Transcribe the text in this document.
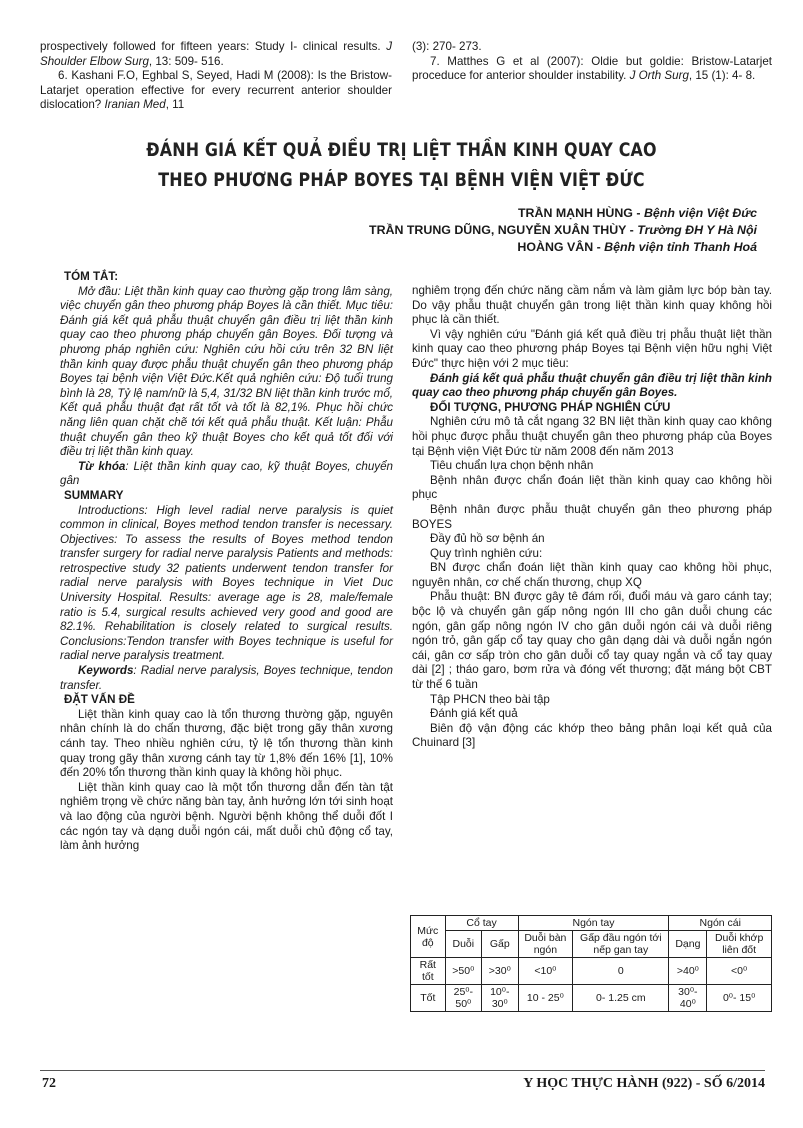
prospectively followed for fifteen years: Study I- clinical results. J Shoulder Elbow Surg, 13: 509- 516.

6. Kashani F.O, Eghbal S, Seyed, Hadi M (2008): Is the Bristow- Latarjet operation effective for every recurrent anterior shoulder dislocation? Iranian Med, 11

(3): 270- 273.

7. Matthes G et al (2007): Oldie but goldie: Bristow-Latarjet proceduce for anterior shoulder instability. J Orth Surg, 15 (1): 4- 8.

ĐÁNH GIÁ KẾT QUẢ ĐIỀU TRỊ LIỆT THẦN KINH QUAY CAO
THEO PHƯƠNG PHÁP BOYES TẠI BỆNH VIỆN VIỆT ĐỨC
TRẦN MẠNH HÙNG - Bệnh viện Việt Đức
TRẦN TRUNG DŨNG, NGUYỄN XUÂN THÙY - Trường ĐH Y Hà Nội
HOÀNG VÂN - Bệnh viện tỉnh Thanh Hoá

TÓM TẮT:

Mở đầu: Liệt thần kinh quay cao thường gặp trong lâm sàng, việc chuyển gân theo phương pháp Boyes là cần thiết. Mục tiêu: Đánh giá kết quả phẫu thuật chuyển gân điều trị liệt thần kinh quay cao theo phương pháp chuyển gân Boyes. Đối tượng và phương pháp nghiên cứu: Nghiên cứu hồi cứu trên 32 BN liệt thần kinh quay được phẫu thuật chuyển gân theo phương pháp Boyes tại bệnh viện Việt Đức.Kết quả nghiên cứu: Độ tuổi trung bình là 28, Tỷ lệ nam/nữ là 5,4, 31/32 BN liệt thần kinh trước mổ, Kết quả phẫu thuật đạt rất tốt và tốt là 82,1%. Phục hồi chức năng liên quan chặt chẽ tới kết quả phẫu thuật. Kết luận: Phẫu thuật chuyển gân theo kỹ thuật Boyes cho kết quả tốt đối với điều trị liệt thần kinh quay.

Từ khóa: Liệt thần kinh quay cao, kỹ thuật Boyes, chuyển gân

SUMMARY

Introductions: High level radial nerve paralysis is quiet common in clinical, Boyes method tendon transfer is necessary. Objectives: To assess the results of Boyes method tendon transfer surgery for radial nerve paralysis Patients and methods: retrospective study 32 patients underwent tendon transfer for radial nerve paralysis with Boyes technique in Viet Duc University Hospital. Results: average age is 28, male/female ratio is 5.4, surgical results achieved very good and good are 82.1%. Rehabilitation is closely related to surgical results. Conclusions:Tendon transfer with Boyes technique is useful for radial nerve paralysis treatment.

Keywords: Radial nerve paralysis, Boyes technique, tendon transfer.

ĐẶT VẤN ĐỀ

Liệt thần kinh quay cao là tổn thương thường gặp, nguyên nhân chính là do chấn thương, đặc biệt trong gãy thân xương cánh tay. Theo nhiều nghiên cứu, tỷ lệ tổn thương thần kinh quay trong gãy thân xương cánh tay từ 1,8% đến 16% [1], 10% đến 20% tổn thương thần kinh quay là không hồi phục.

Liệt thần kinh quay cao là một tổn thương dẫn đến tàn tật nghiêm trọng về chức năng bàn tay, ảnh hưởng lớn tới sinh hoạt và lao động của người bệnh. Người bệnh không thể duỗi đốt I các ngón tay và dạng duỗi ngón cái, mất duỗi chủ động cổ tay, làm ảnh hưởng

nghiêm trọng đến chức năng cầm nắm và làm giảm lực bóp bàn tay. Do vậy phẫu thuật chuyển gân trong liệt thần kinh quay không hồi phục là cần thiết.

Vì vậy nghiên cứu "Đánh giá kết quả điều trị phẫu thuật liệt thần kinh quay cao theo phương pháp Boyes tại Bệnh viện hữu nghị Việt Đức" thực hiện với 2 mục tiêu:

Đánh giá kết quả phẫu thuật chuyển gân điều trị liệt thần kinh quay cao theo phương pháp chuyển gân Boyes.

ĐỐI TƯỢNG, PHƯƠNG PHÁP NGHIÊN CỨU

Nghiên cứu mô tả cắt ngang 32 BN liệt thần kinh quay cao không hồi phục được phẫu thuật chuyển gân theo phương pháp của Boyes tại Bệnh viện Việt Đức từ năm 2008 đến năm 2013

Tiêu chuẩn lựa chọn bệnh nhân

Bệnh nhân được chẩn đoán liệt thần kinh quay cao không hồi phục

Bệnh nhân được phẫu thuật chuyển gân theo phương pháp BOYES

Đầy đủ hồ sơ bệnh án

Quy trình nghiên cứu:

BN được chẩn đoán liệt thần kinh quay cao không hồi phục, nguyên nhân, cơ chế chấn thương, chụp XQ

Phẫu thuật: BN được gây tê đám rối, đuổi máu và garo cánh tay; bộc lộ và chuyển gân gấp nông ngón III cho gân duỗi chung các ngón, gân gấp nông ngón IV cho gân duỗi ngón cái và duỗi riêng ngón trỏ, gân gấp cổ tay quay cho gân dạng dài và duỗi ngắn ngón cái, gân cơ sấp tròn cho gân duỗi cổ tay quay ngắn và cổ tay quay dài [2] ; tháo garo, bơm rửa và đóng vết thương; đặt máng bột CBT từ thế 6 tuần

Tập PHCN theo bài tập

Đánh giá kết quả

Biên độ vận động các khớp theo bảng phân loại kết quả của Chuinard [3]

Mức độ	Cổ tay		Ngón tay		Ngón cái	
	Duỗi	Gấp	Duỗi bàn ngón	Gấp đầu ngón tới nếp gan tay	Dạng	Duỗi khớp liên đốt
Rất tốt	>50⁰	>30⁰	<10⁰	0	>40⁰	<0⁰
Tốt	25⁰- 50⁰	10⁰- 30⁰	10 - 25⁰	0- 1.25 cm	30⁰- 40⁰	0⁰- 15⁰
72	Y HỌC THỰC HÀNH (922) - SỐ 6/2014
